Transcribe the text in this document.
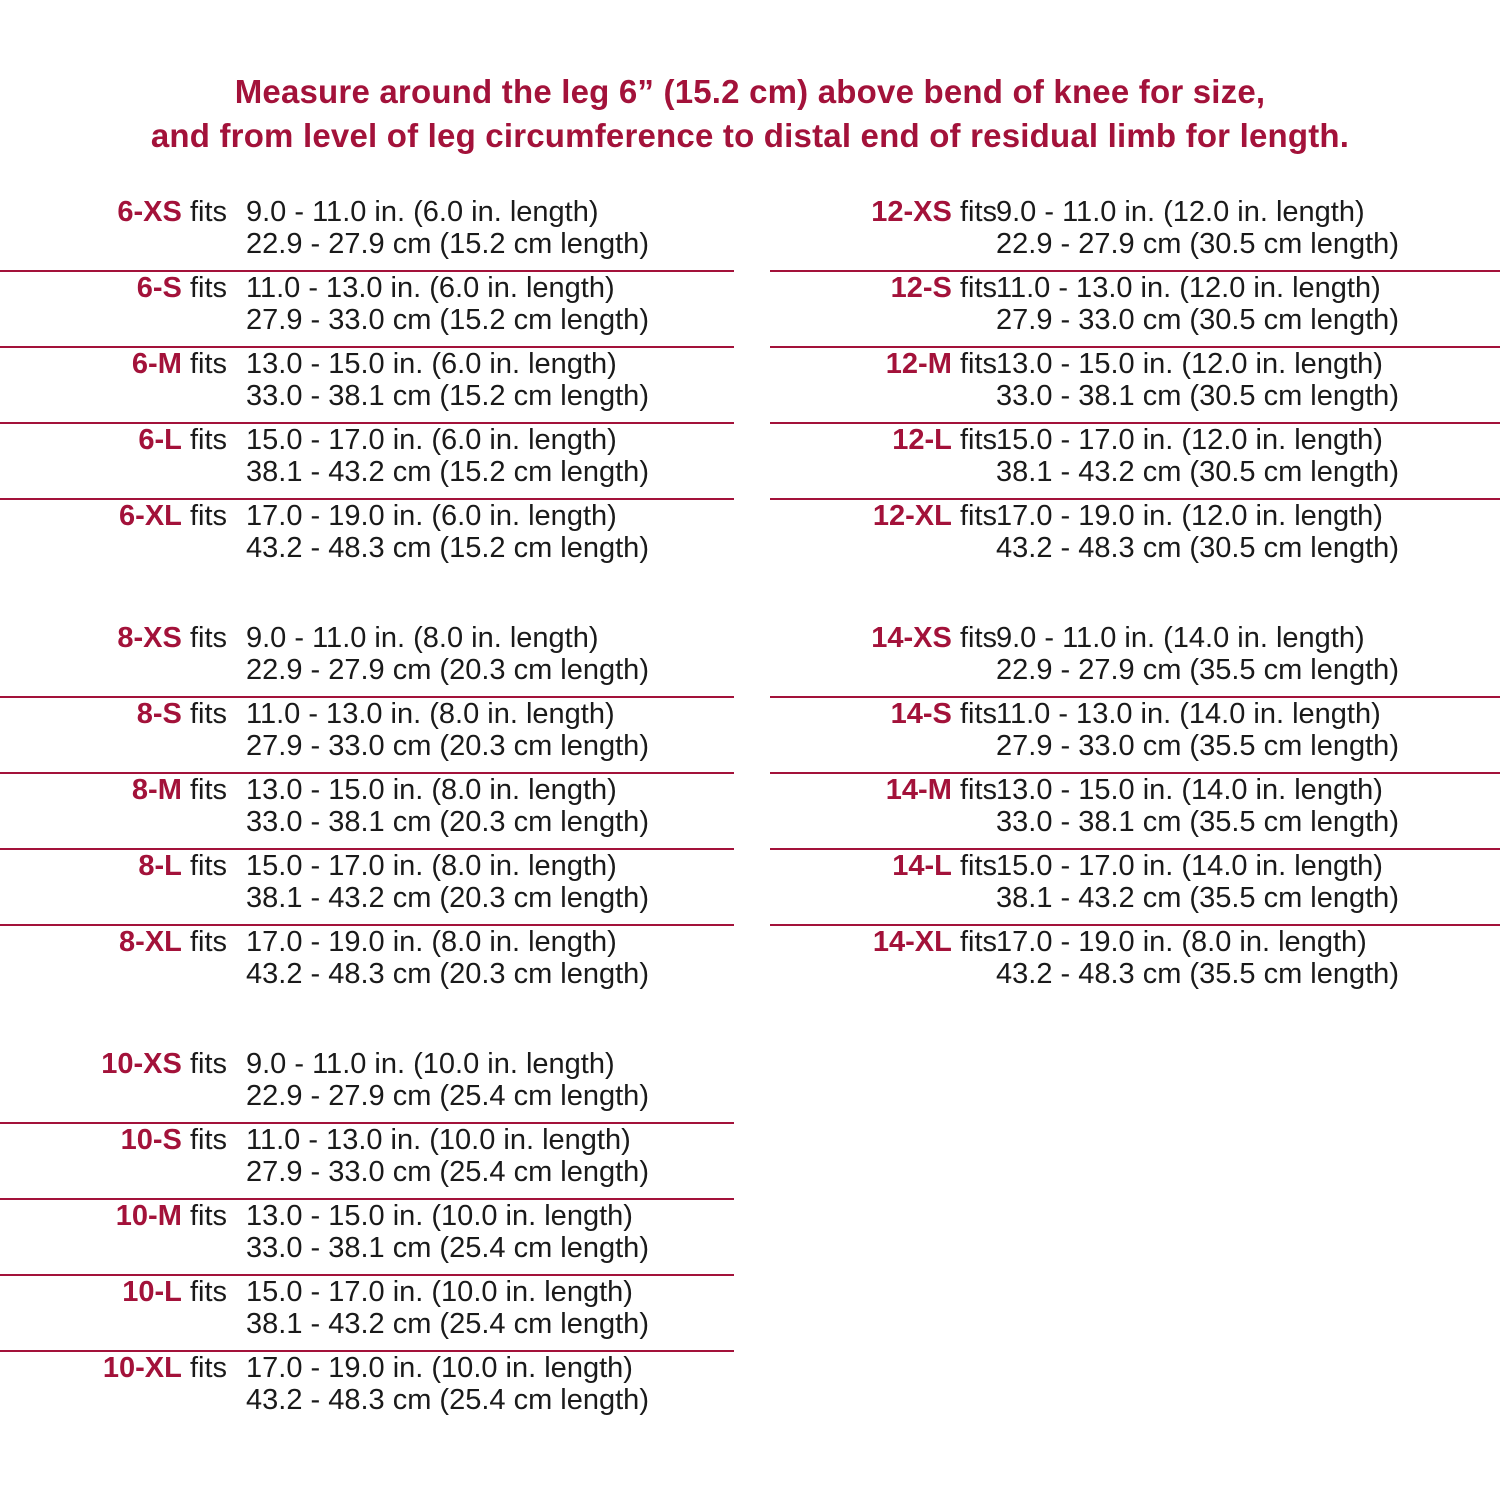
Measure around the leg 6” (15.2 cm) above bend of knee for size,
and from level of leg circumference to distal end of residual limb for length.
6-XS fits 9.0 - 11.0 in. (6.0 in. length)
22.9 - 27.9 cm (15.2 cm length)
6-S fits 11.0 - 13.0 in. (6.0 in. length)
27.9 - 33.0 cm (15.2 cm length)
6-M fits 13.0 - 15.0 in. (6.0 in. length)
33.0 - 38.1 cm (15.2 cm length)
6-L fits 15.0 - 17.0 in. (6.0 in. length)
38.1 - 43.2 cm (15.2 cm length)
6-XL fits 17.0 - 19.0 in. (6.0 in. length)
43.2 - 48.3 cm (15.2 cm length)
8-XS fits 9.0 - 11.0 in. (8.0 in. length)
22.9 - 27.9 cm (20.3 cm length)
8-S fits 11.0 - 13.0 in. (8.0 in. length)
27.9 - 33.0 cm (20.3 cm length)
8-M fits 13.0 - 15.0 in. (8.0 in. length)
33.0 - 38.1 cm (20.3 cm length)
8-L fits 15.0 - 17.0 in. (8.0 in. length)
38.1 - 43.2 cm (20.3 cm length)
8-XL fits 17.0 - 19.0 in. (8.0 in. length)
43.2 - 48.3 cm (20.3 cm length)
10-XS fits 9.0 - 11.0 in. (10.0 in. length)
22.9 - 27.9 cm (25.4 cm length)
10-S fits 11.0 - 13.0 in. (10.0 in. length)
27.9 - 33.0 cm (25.4 cm length)
10-M fits 13.0 - 15.0 in. (10.0 in. length)
33.0 - 38.1 cm (25.4 cm length)
10-L fits 15.0 - 17.0 in. (10.0 in. length)
38.1 - 43.2 cm (25.4 cm length)
10-XL fits 17.0 - 19.0 in. (10.0 in. length)
43.2 - 48.3 cm (25.4 cm length)
12-XS fits 9.0 - 11.0 in. (12.0 in. length)
22.9 - 27.9 cm (30.5 cm length)
12-S fits 11.0 - 13.0 in. (12.0 in. length)
27.9 - 33.0 cm (30.5 cm length)
12-M fits 13.0 - 15.0 in. (12.0 in. length)
33.0 - 38.1 cm (30.5 cm length)
12-L fits 15.0 - 17.0 in. (12.0 in. length)
38.1 - 43.2 cm (30.5 cm length)
12-XL fits 17.0 - 19.0 in. (12.0 in. length)
43.2 - 48.3 cm (30.5 cm length)
14-XS fits 9.0 - 11.0 in. (14.0 in. length)
22.9 - 27.9 cm (35.5 cm length)
14-S fits 11.0 - 13.0 in. (14.0 in. length)
27.9 - 33.0 cm (35.5 cm length)
14-M fits 13.0 - 15.0 in. (14.0 in. length)
33.0 - 38.1 cm (35.5 cm length)
14-L fits 15.0 - 17.0 in. (14.0 in. length)
38.1 - 43.2 cm (35.5 cm length)
14-XL fits 17.0 - 19.0 in. (8.0 in. length)
43.2 - 48.3 cm (35.5 cm length)
